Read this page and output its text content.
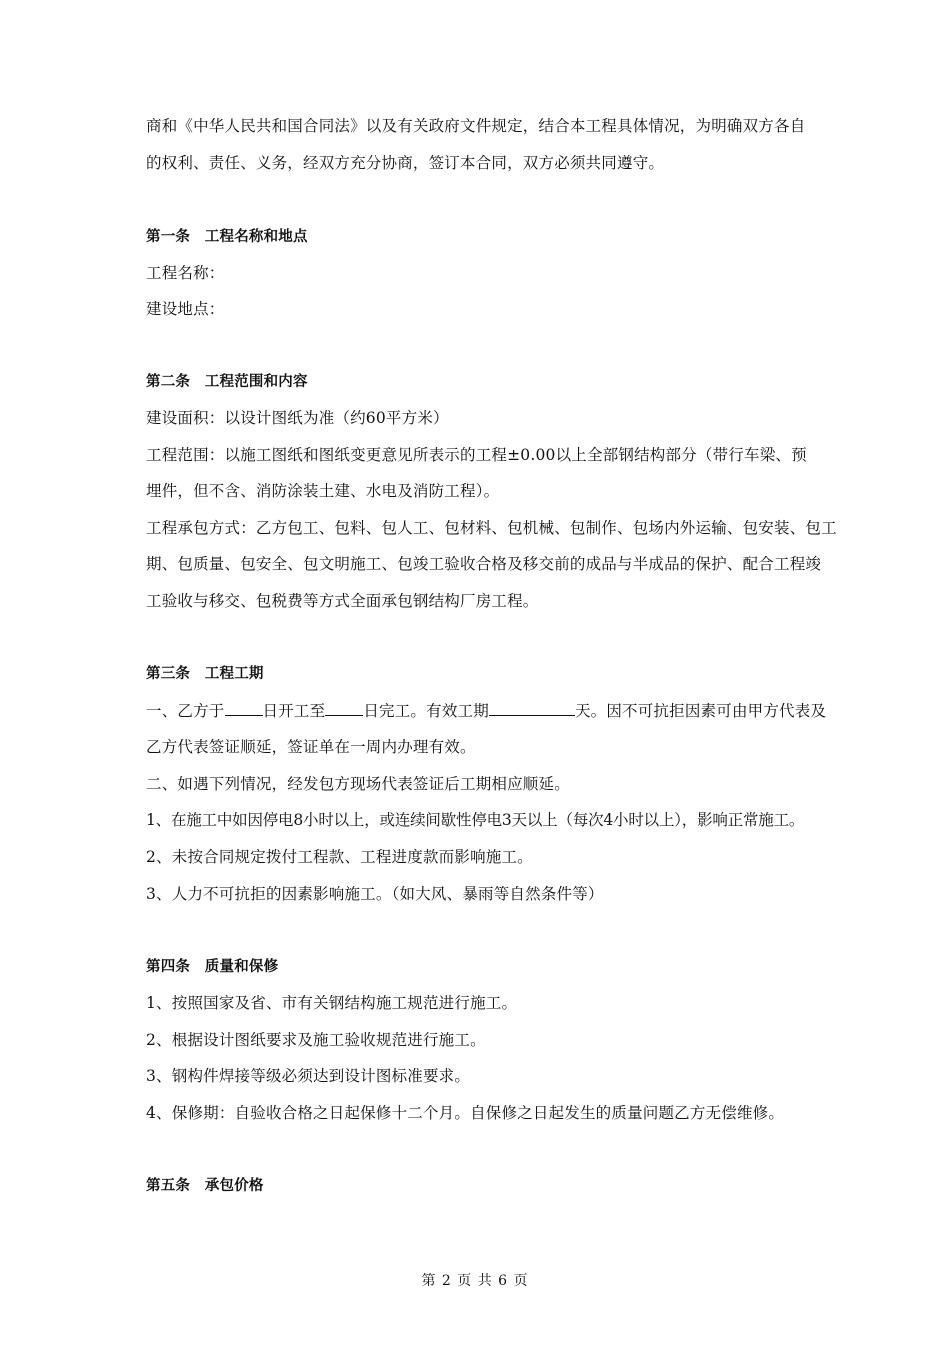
商和《中华人民共和国合同法》以及有关政府文件规定，结合本工程具体情况，为明确双方各自
的权利、责任、义务，经双方充分协商，签订本合同，双方必须共同遵守。
第一条　工程名称和地点
工程名称：
建设地点：
第二条　工程范围和内容
建设面积：以设计图纸为准（约60平方米）
工程范围：以施工图纸和图纸变更意见所表示的工程±0.00以上全部钢结构部分（带行车梁、预
埋件，但不含、消防涂装土建、水电及消防工程）。
工程承包方式：乙方包工、包料、包人工、包材料、包机械、包制作、包场内外运输、包安装、包工
期、包质量、包安全、包文明施工、包竣工验收合格及移交前的成品与半成品的保护、配合工程竣
工验收与移交、包税费等方式全面承包钢结构厂房工程。
第三条　工程工期
一、乙方于 日开工至 日完工。有效工期	天。因不可抗拒因素可由甲方代表及
乙方代表签证顺延，签证单在一周内办理有效。
二、如遇下列情况，经发包方现场代表签证后工期相应顺延。
1、在施工中如因停电8小时以上，或连续间歇性停电3天以上（每次4小时以上），影响正常施工。
2、未按合同规定拨付工程款、工程进度款而影响施工。
3、人力不可抗拒的因素影响施工。（如大风、暴雨等自然条件等）
第四条　质量和保修
1、按照国家及省、市有关钢结构施工规范进行施工。
2、根据设计图纸要求及施工验收规范进行施工。
3、钢构件焊接等级必须达到设计图标准要求。
4、保修期：自验收合格之日起保修十二个月。自保修之日起发生的质量问题乙方无偿维修。
第五条　承包价格
第 2 页 共 6 页
